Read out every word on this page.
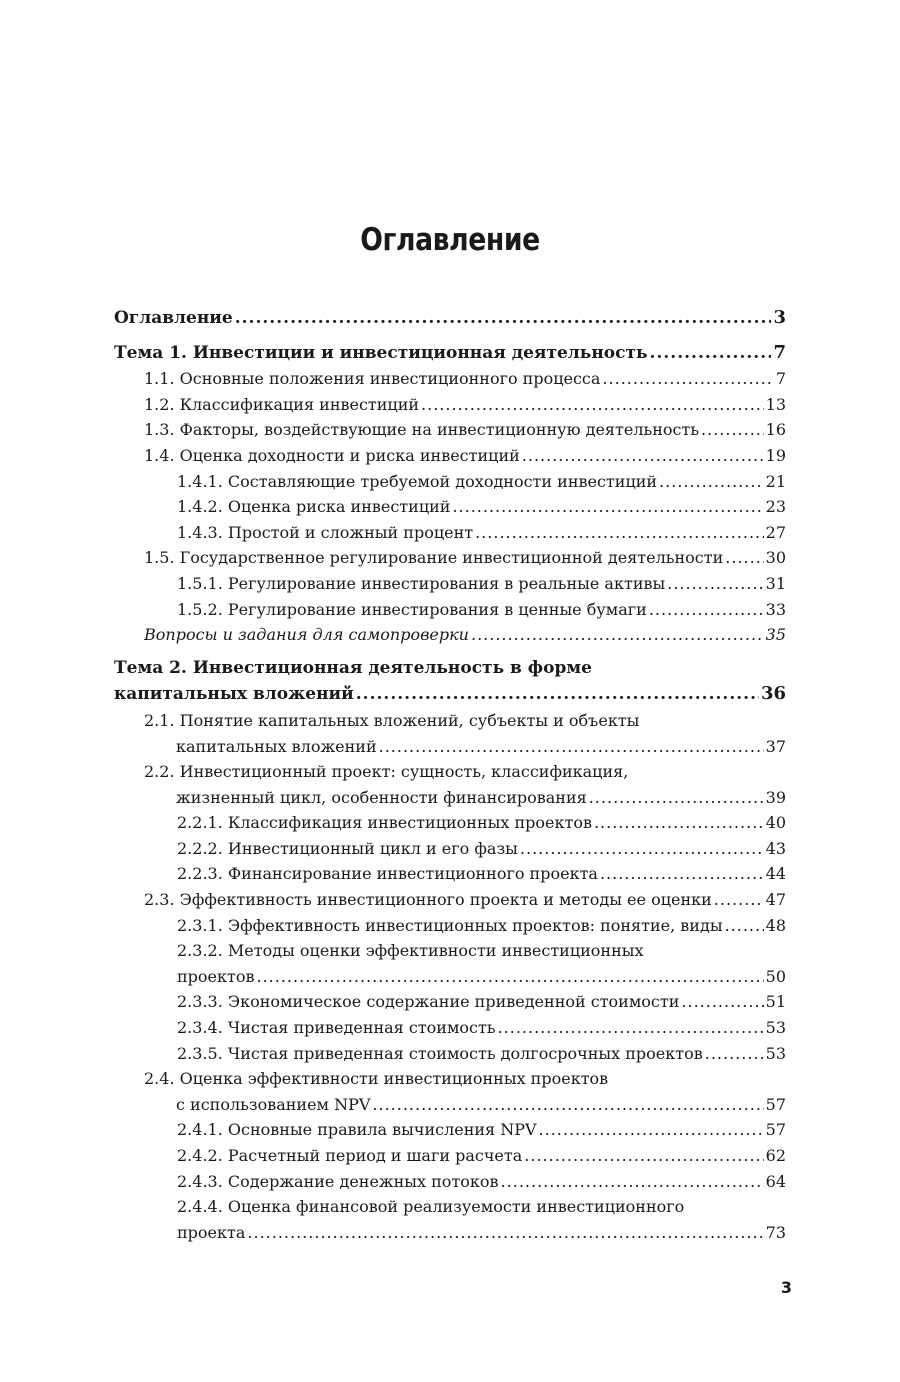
Оглавление
Оглавление .....	3
Тема 1. Инвестиции и инвестиционная деятельность .....	7
1.1. Основные положения инвестиционного процесса .....	7
1.2. Классификация инвестиций .....	13
1.3. Факторы, воздействующие на инвестиционную деятельность .....	16
1.4. Оценка доходности и риска инвестиций .....	19
1.4.1. Составляющие требуемой доходности инвестиций .....	21
1.4.2. Оценка риска инвестиций .....	23
1.4.3. Простой и сложный процент .....	27
1.5. Государственное регулирование инвестиционной деятельности .....	30
1.5.1. Регулирование инвестирования в реальные активы .....	31
1.5.2. Регулирование инвестирования в ценные бумаги .....	33
Вопросы и задания для самопроверки .....	35
Тема 2. Инвестиционная деятельность в форме
капитальных вложений .....	36
2.1. Понятие капитальных вложений, субъекты и объекты
капитальных вложений .....	37
2.2. Инвестиционный проект: сущность, классификация,
жизненный цикл, особенности финансирования .....	39
2.2.1. Классификация инвестиционных проектов .....	40
2.2.2. Инвестиционный цикл и его фазы .....	43
2.2.3. Финансирование инвестиционного проекта .....	44
2.3. Эффективность инвестиционного проекта и методы ее оценки .....	47
2.3.1. Эффективность инвестиционных проектов: понятие, виды .....	48
2.3.2. Методы оценки эффективности инвестиционных
проектов .....	50
2.3.3. Экономическое содержание приведенной стоимости .....	51
2.3.4. Чистая приведенная стоимость .....	53
2.3.5. Чистая приведенная стоимость долгосрочных проектов .....	53
2.4. Оценка эффективности инвестиционных проектов
с использованием NPV .....	57
2.4.1. Основные правила вычисления NPV .....	57
2.4.2. Расчетный период и шаги расчета .....	62
2.4.3. Содержание денежных потоков .....	64
2.4.4. Оценка финансовой реализуемости инвестиционного
проекта .....	73
3
